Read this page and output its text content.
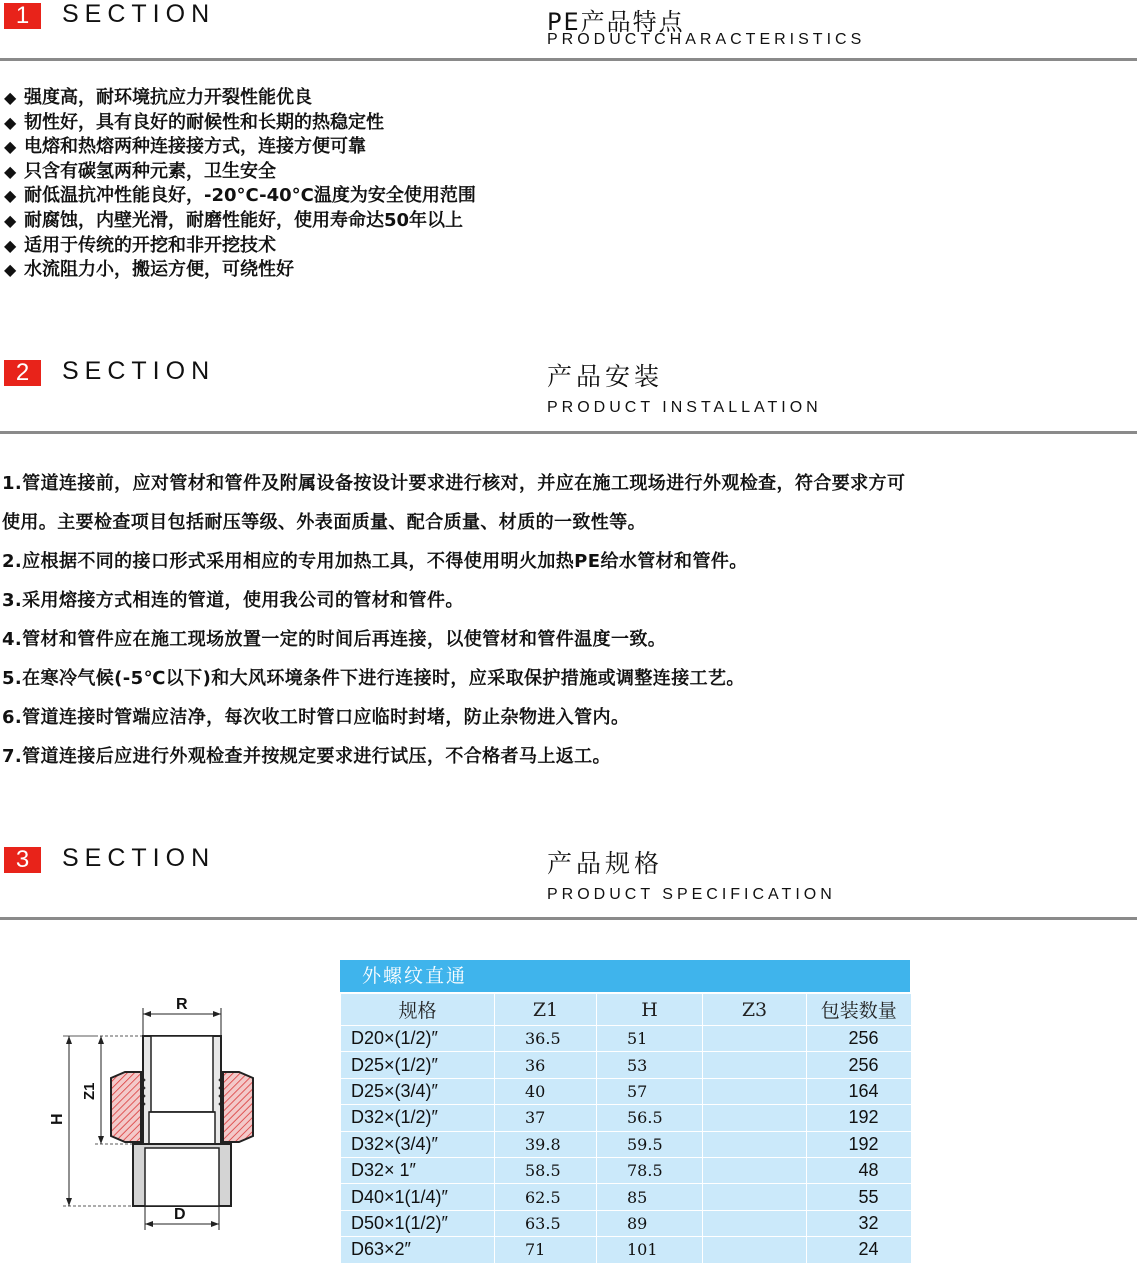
1	SECTION	PE产品特点
PRODUCTCHARACTERISTICS
◆ 强度高，耐环境抗应力开裂性能优良
◆ 韧性好，具有良好的耐候性和长期的热稳定性
◆ 电熔和热熔两种连接接方式，连接方便可靠
◆ 只含有碳氢两种元素，卫生安全
◆ 耐低温抗冲性能良好，-20°C-40°C温度为安全使用范围
◆ 耐腐蚀，内壁光滑，耐磨性能好，使用寿命达50年以上
◆ 适用于传统的开挖和非开挖技术
◆ 水流阻力小，搬运方便，可绕性好
2	SECTION	产品安装
PRODUCT INSTALLATION
1.管道连接前，应对管材和管件及附属设备按设计要求进行核对，并应在施工现场进行外观检查，符合要求方可
使用。主要检查项目包括耐压等级、外表面质量、配合质量、材质的一致性等。
2.应根据不同的接口形式采用相应的专用加热工具，不得使用明火加热PE给水管材和管件。
3.采用熔接方式相连的管道，使用我公司的管材和管件。
4.管材和管件应在施工现场放置一定的时间后再连接，以使管材和管件温度一致。
5.在寒冷气候(-5℃以下)和大风环境条件下进行连接时，应采取保护措施或调整连接工艺。
6.管道连接时管端应洁净，每次收工时管口应临时封堵，防止杂物进入管内。
7.管道连接后应进行外观检查并按规定要求进行试压，不合格者马上返工。
3	SECTION	产品规格
PRODUCT SPECIFICATION
R
Z1
H
D
外螺纹直通
规格	Z1	H	Z3	包装数量
D20×(1/2)″	36.5	51		256
D25×(1/2)″	36	53		256
D25×(3/4)″	40	57		164
D32×(1/2)″	37	56.5		192
D32×(3/4)″	39.8	59.5		192
D32× 1″	58.5	78.5		48
D40×1(1/4)″	62.5	85		55
D50×1(1/2)″	63.5	89		32
D63×2″	71	101		24
